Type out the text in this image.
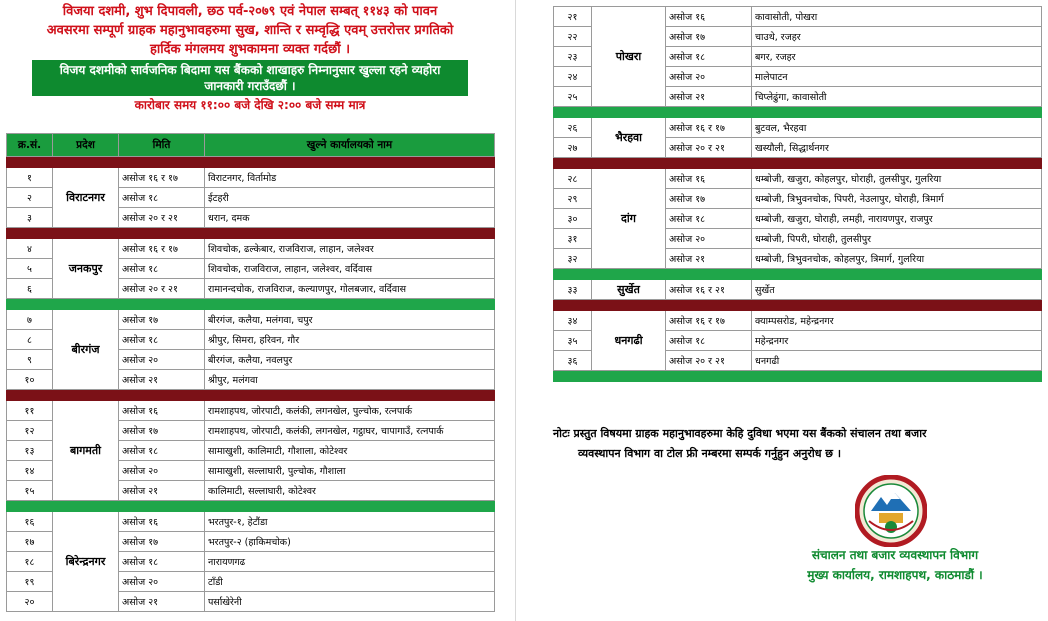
विजया दशमी, शुभ दिपावली, छठ पर्व-२०७९ एवं नेपाल सम्बत् ११४३ को पावन
अवसरमा सम्पूर्ण ग्राहक महानुभावहरुमा सुख, शान्ति र सम्वृद्धि एवम् उत्तरोत्तर प्रगतिको
हार्दिक मंगलमय शुभकामना व्यक्त गर्दछौं ।
विजय दशमीको सार्वजनिक बिदामा यस बैंकको शाखाहरु निम्नानुसार खुल्ला रहने व्यहोरा जानकारी गराउँदछौं ।
कारोबार समय ११:०० बजे देखि २:०० बजे सम्म मात्र
क्र.सं.	प्रदेश	मिति	खुल्ने कार्यालयको नाम

१	विराटनगर	असोज १६ र १७	विराटनगर, विर्तामोड
२		असोज १८	ईटहरी
३		असोज २० र २१	धरान, दमक

४	जनकपुर	असोज १६ र १७	शिवचोक, ढल्केबार, राजविराज, लाहान, जलेश्वर
५		असोज १८	शिवचोक, राजविराज, लाहान, जलेश्वर, वर्दिवास
६		असोज २० र २१	रामानन्दचोक, राजविराज, कल्याणपुर, गोलबजार, वर्दिवास

७	बीरगंज	असोज १७	बीरगंज, कलैया, मलंगवा, चपुर
८		असोज १८	श्रीपुर, सिमरा, हरिवन, गौर
९		असोज २०	बीरगंज, कलैया, नवलपुर
१०		असोज २१	श्रीपुर, मलंगवा

११	बागमती	असोज १६	रामशाहपथ, जोरपाटी, कलंकी, लगनखेल, पुल्चोक, रत्नपार्क
१२		असोज १७	रामशाहपथ, जोरपाटी, कलंकी, लगनखेल, गट्ठाघर, चापागाउँ, रत्नपार्क
१३		असोज १८	सामाखुशी, कालिमाटी, गौशाला, कोटेश्वर
१४		असोज २०	सामाखुशी, सल्लाघारी, पुल्चोक, गौशाला
१५		असोज २१	कालिमाटी, सल्लाघारी, कोटेश्वर

१६	बिरेन्द्रनगर	असोज १६	भरतपुर-१, हेटौंडा
१७		असोज १७	भरतपुर-२ (हाकिमचोक)
१८		असोज १८	नारायणगढ
१९		असोज २०	टाँडी
२०		असोज २१	पर्साखेरेनी
२१	पोखरा	असोज १६	कावासोती, पोखरा
२२		असोज १७	चाउथे, रजहर
२३		असोज १८	बगर, रजहर
२४		असोज २०	मालेपाटन
२५		असोज २१	चिप्लेढुंगा, कावासोती

२६	भैरहवा	असोज १६ र १७	बुटवल, भैरहवा
२७		असोज २० र २१	खस्यौली, सिद्धार्थनगर

२८	दांग	असोज १६	धम्बोजी, खजुरा, कोहलपुर, घोराही, तुलसीपुर, गुलरिया
२९		असोज १७	धम्बोजी, त्रिभुवनचोक, पिपरी, नेउलापुर, घोराही, त्रिमार्ग
३०		असोज १८	धम्बोजी, खजुरा, घोराही, लमही, नारायणपुर, राजपुर
३१		असोज २०	धम्बोजी, पिपरी, घोराही, तुलसीपुर
३२		असोज २१	धम्बोजी, त्रिभुवनचोक, कोहलपुर, त्रिमार्ग, गुलरिया

३३	सुर्खेत	असोज १६ र २१	सुर्खेत

३४	धनगढी	असोज १६ र १७	क्याम्पसरोड, महेन्द्रनगर
३५		असोज १८	महेन्द्रनगर
३६		असोज २० र २१	धनगढी

नोटः प्रस्तुत विषयमा ग्राहक महानुभावहरुमा केहि दुविधा भएमा यस बैंकको संचालन तथा बजार
व्यवस्थापन विभाग वा टोल फ्री नम्बरमा सम्पर्क गर्नुहुन अनुरोध छ ।
संचालन तथा बजार व्यवस्थापन विभाग
मुख्य कार्यालय, रामशाहपथ, काठमाडौं ।
